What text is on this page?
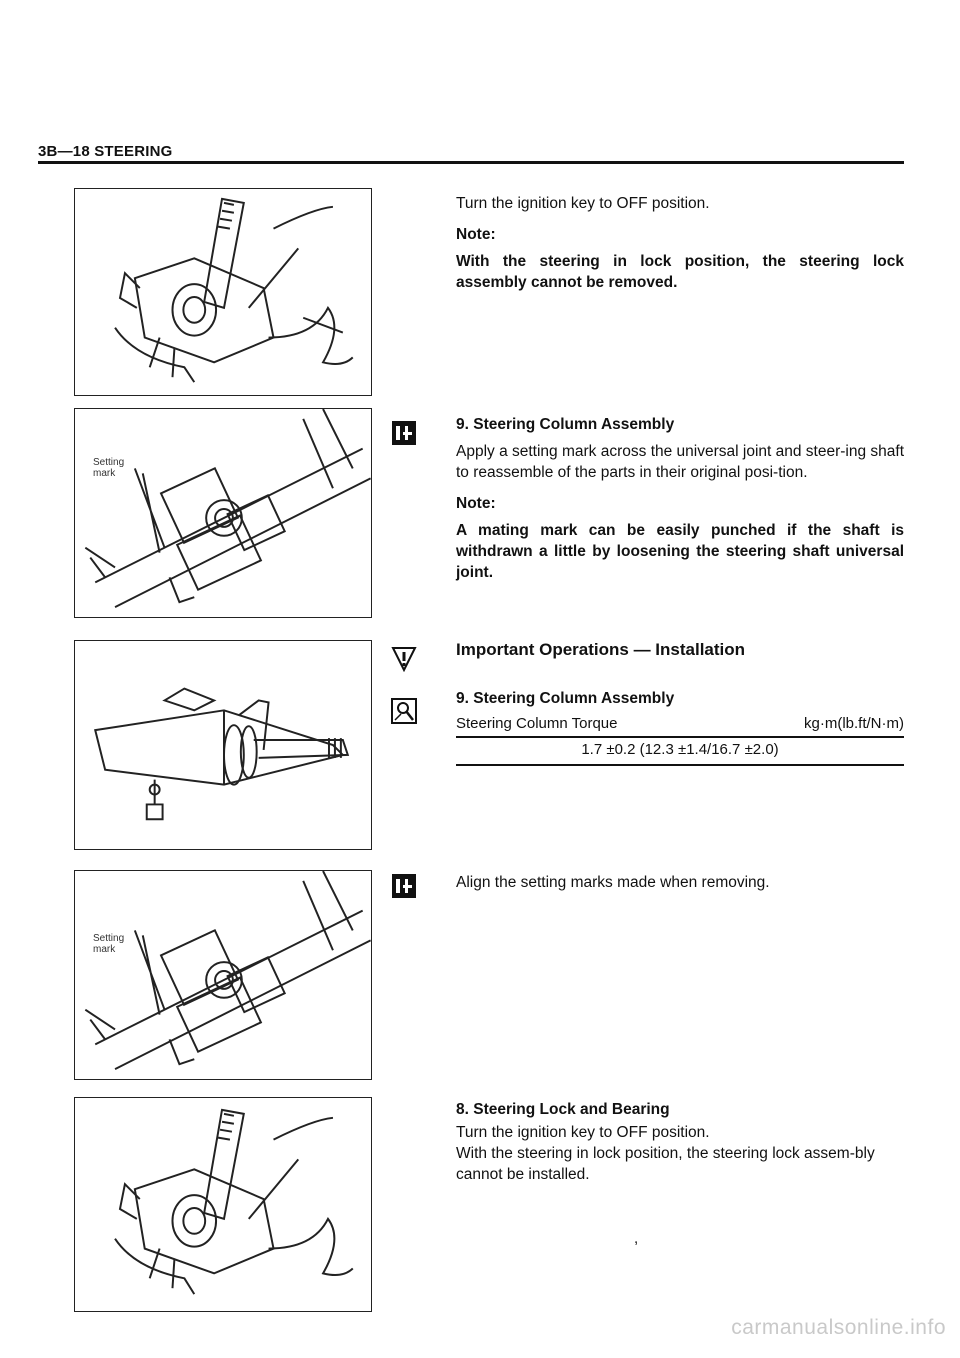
3B—18 STEERING
Setting
mark
Setting
mark

Turn the ignition key to OFF position.

Note:

With the steering in lock position, the steering lock assembly cannot be removed.

9. Steering Column Assembly

Apply a setting mark across the universal joint and steer-ing shaft to reassemble of the parts in their original posi-tion.

Note:

A mating mark can be easily punched if the shaft is withdrawn a little by loosening the steering shaft universal joint.

Important Operations — Installation
9. Steering Column Assembly
Steering Column Torque	kg·m(lb.ft/N·m)
1.7 ±0.2 (12.3 ±1.4/16.7 ±2.0)

Align the setting marks made when removing.

8. Steering Lock and Bearing

Turn the ignition key to OFF position.

With the steering in lock position, the steering lock assem-bly cannot be installed.

,
carmanualsonline.info
